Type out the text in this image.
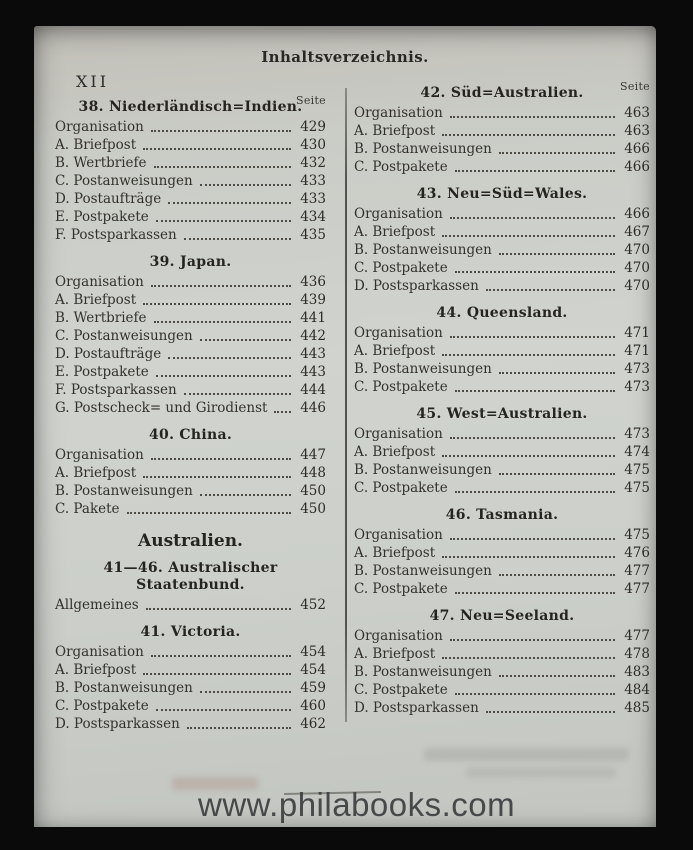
Inhaltsverzeichnis.
XII
38. Niederländisch=Indien.
Seite
Organisation	429
A. Briefpost	430
B. Wertbriefe	432
C. Postanweisungen	433
D. Postaufträge	433
E. Postpakete	434
F. Postsparkassen	435
39. Japan.
Organisation	436
A. Briefpost	439
B. Wertbriefe	441
C. Postanweisungen	442
D. Postaufträge	443
E. Postpakete	443
F. Postsparkassen	444
G. Postscheck= und Girodienst	446
40. China.
Organisation	447
A. Briefpost	448
B. Postanweisungen	450
C. Pakete	450
Australien.
41—46. Australischer Staatenbund.
Allgemeines	452
41. Victoria.
Organisation	454
A. Briefpost	454
B. Postanweisungen	459
C. Postpakete	460
D. Postsparkassen	462
42. Süd=Australien.	Seite
Organisation	463
A. Briefpost	463
B. Postanweisungen	466
C. Postpakete	466
43. Neu=Süd=Wales.
Organisation	466
A. Briefpost	467
B. Postanweisungen	470
C. Postpakete	470
D. Postsparkassen	470
44. Queensland.
Organisation	471
A. Briefpost	471
B. Postanweisungen	473
C. Postpakete	473
45. West=Australien.
Organisation	473
A. Briefpost	474
B. Postanweisungen	475
C. Postpakete	475
46. Tasmania.
Organisation	475
A. Briefpost	476
B. Postanweisungen	477
C. Postpakete	477
47. Neu=Seeland.
Organisation	477
A. Briefpost	478
B. Postanweisungen	483
C. Postpakete	484
D. Postsparkassen	485
www.philabooks.com
